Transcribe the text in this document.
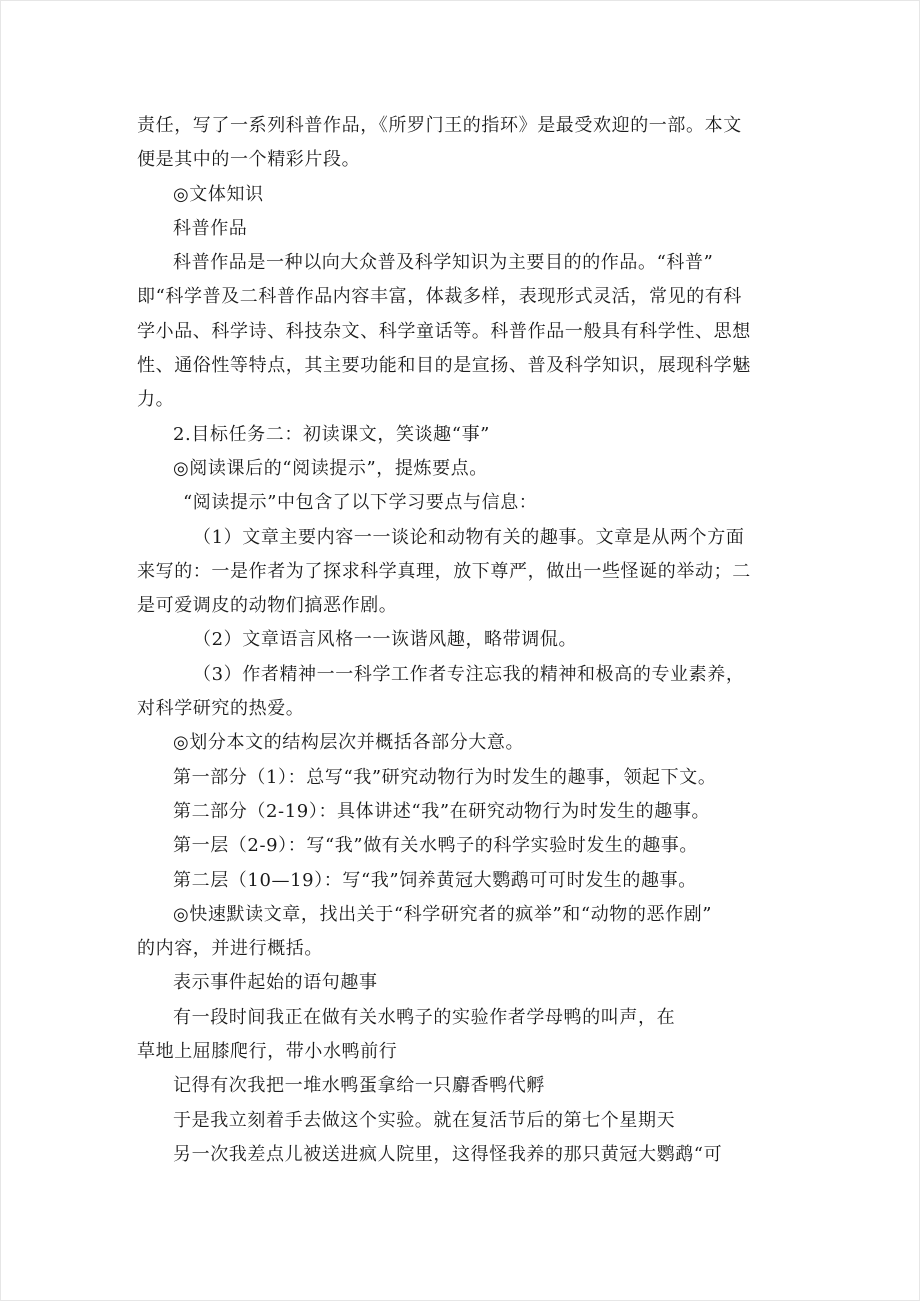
责任，写了一系列科普作品，《所罗门王的指环》是最受欢迎的一部。本文

便是其中的一个精彩片段。

◎文体知识

科普作品

科普作品是一种以向大众普及科学知识为主要目的的作品。“科普”

即“科学普及二科普作品内容丰富，体裁多样，表现形式灵活，常见的有科

学小品、科学诗、科技杂文、科学童话等。科普作品一般具有科学性、思想

性、通俗性等特点，其主要功能和目的是宣扬、普及科学知识，展现科学魅

力。

2.目标任务二：初读课文，笑谈趣“事”

◎阅读课后的“阅读提示”，提炼要点。

“阅读提示”中包含了以下学习要点与信息：

（1）文章主要内容一一谈论和动物有关的趣事。文章是从两个方面

来写的：一是作者为了探求科学真理，放下尊严，做出一些怪诞的举动；二

是可爱调皮的动物们搞恶作剧。

（2）文章语言风格一一诙谐风趣，略带调侃。

（3）作者精神一一科学工作者专注忘我的精神和极高的专业素养，

对科学研究的热爱。

◎划分本文的结构层次并概括各部分大意。

第一部分（1）：总写“我”研究动物行为时发生的趣事，领起下文。

第二部分（2-19）：具体讲述“我”在研究动物行为时发生的趣事。

第一层（2-9）：写“我”做有关水鸭子的科学实验时发生的趣事。

第二层（10—19）：写“我”饲养黄冠大鹦鹉可可时发生的趣事。

◎快速默读文章，找出关于“科学研究者的疯举”和“动物的恶作剧”

的内容，并进行概括。

表示事件起始的语句趣事

有一段时间我正在做有关水鸭子的实验作者学母鸭的叫声，在

草地上屈膝爬行，带小水鸭前行

记得有次我把一堆水鸭蛋拿给一只麝香鸭代孵

于是我立刻着手去做这个实验。就在复活节后的第七个星期天

另一次我差点儿被送进疯人院里，这得怪我养的那只黄冠大鹦鹉“可
